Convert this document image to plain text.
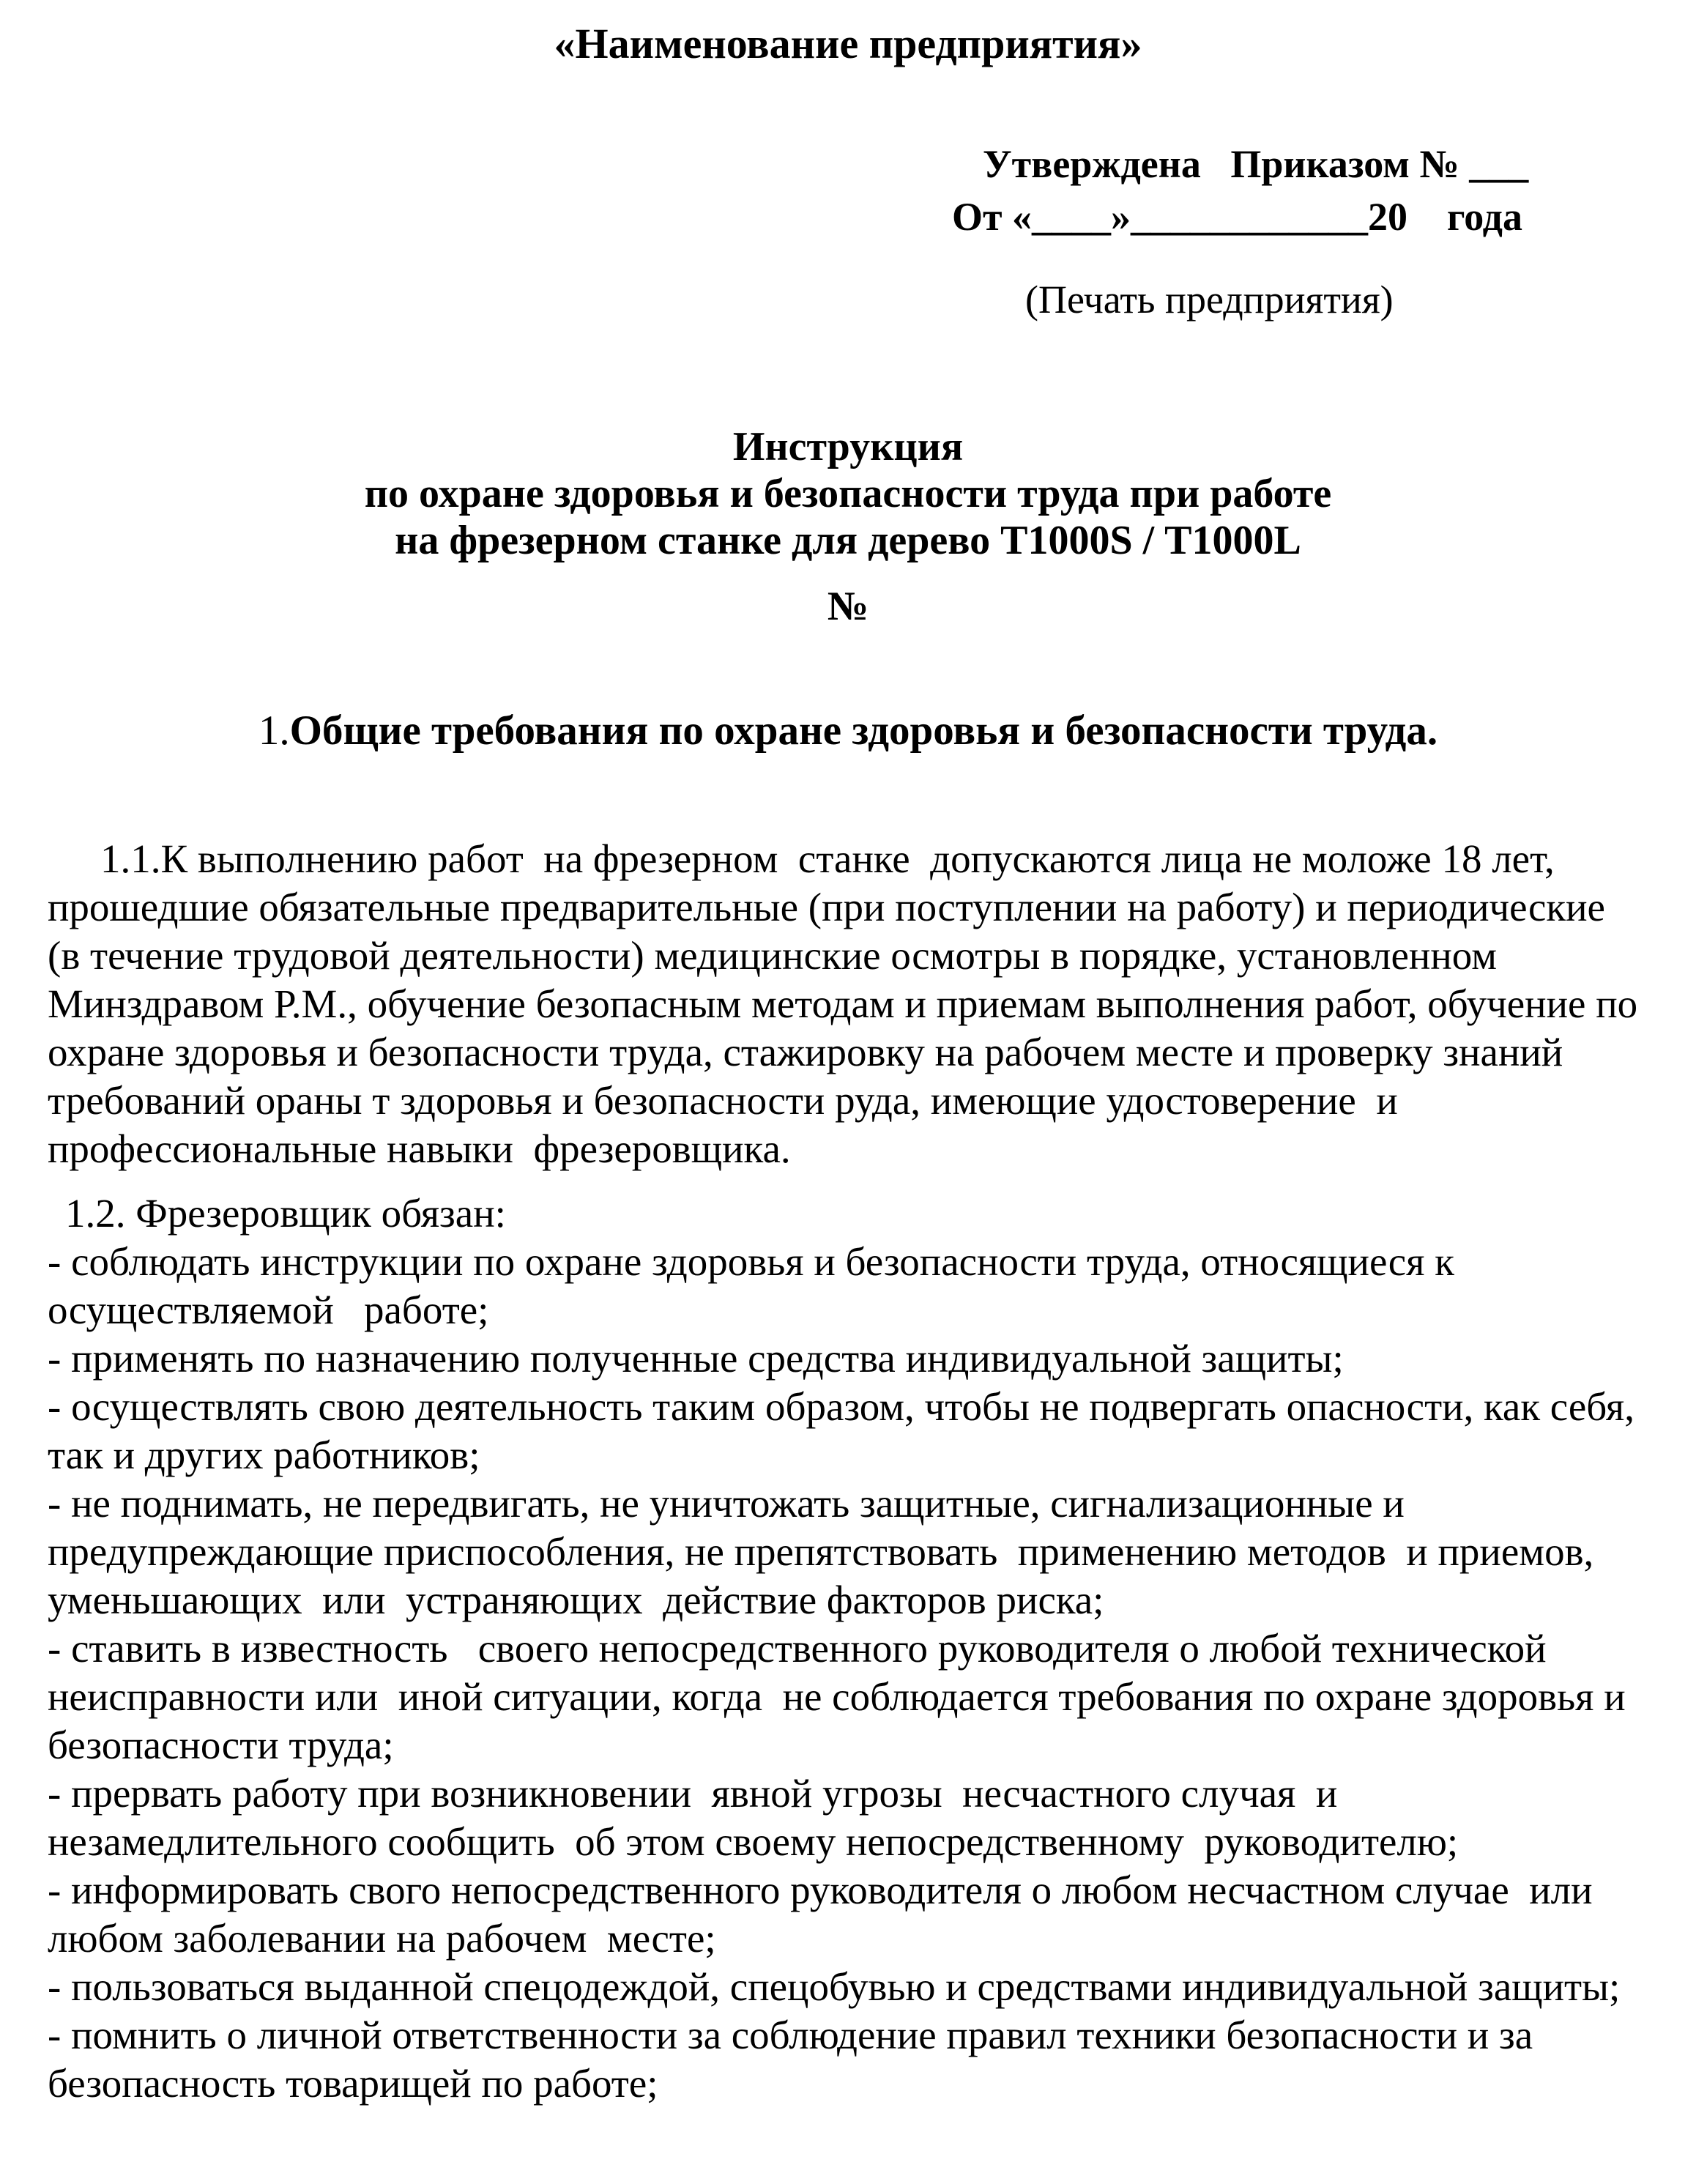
«Наименование предприятия»
Утверждена   Приказом № ___
От «____»____________20    года
(Печать предприятия)
Инструкция
по охране здоровья и безопасности труда при работе
на фрезерном станке для дерево Т1000S / Т1000L
№
1.Общие требования по охране здоровья и безопасности труда.
1.1.К выполнению работ  на фрезерном  станке  допускаются лица не моложе 18 лет, прошедшие обязательные предварительные (при поступлении на работу) и периодические (в течение трудовой деятельности) медицинские осмотры в порядке, установленном Минздравом Р.М., обучение безопасным методам и приемам выполнения работ, обучение по охране здоровья и безопасности труда, стажировку на рабочем месте и проверку знаний требований ораны т здоровья и безопасности руда, имеющие удостоверение  и профессиональные навыки  фрезеровщика.
1.2. Фрезеровщик обязан:
- соблюдать инструкции по охране здоровья и безопасности труда, относящиеся к осуществляемой   работе;
- применять по назначению полученные средства индивидуальной защиты;
- осуществлять свою деятельность таким образом, чтобы не подвергать опасности, как себя, так и других работников;
- не поднимать, не передвигать, не уничтожать защитные, сигнализационные и предупреждающие приспособления, не препятствовать  применению методов  и приемов, уменьшающих  или  устраняющих  действие факторов риска;
- ставить в известность   своего непосредственного руководителя о любой технической  неисправности или  иной ситуации, когда  не соблюдается требования по охране здоровья и безопасности труда;
- прервать работу при возникновении  явной угрозы  несчастного случая  и незамедлительного сообщить  об этом своему непосредственному  руководителю;
- информировать свого непосредственного руководителя о любом несчастном случае  или любом заболевании на рабочем  месте;
- пользоваться выданной спецодеждой, спецобувью и средствами индивидуальной защиты;
- помнить о личной ответственности за соблюдение правил техники безопасности и за безопасность товарищей по работе;
